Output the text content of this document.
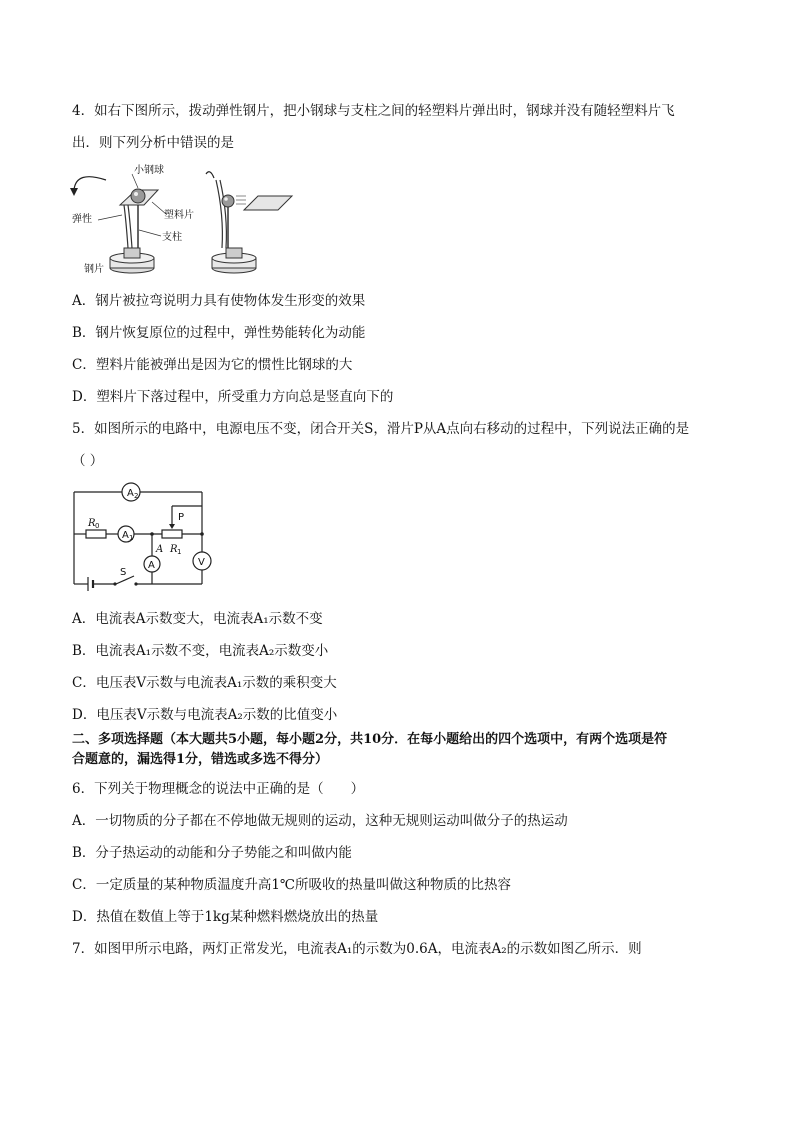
4．如右下图所示，拨动弹性钢片，把小钢球与支柱之间的轻塑料片弹出时，钢球并没有随轻塑料片飞
出．则下列分析中错误的是
小钢球
弹性	塑料片
支柱
钢片
A．钢片被拉弯说明力具有使物体发生形变的效果
B．钢片恢复原位的过程中，弹性势能转化为动能
C．塑料片能被弹出是因为它的惯性比钢球的大
D．塑料片下落过程中，所受重力方向总是竖直向下的
5．如图所示的电路中，电源电压不变，闭合开关S，滑片P从A点向右移动的过程中，下列说法正确的是
（ ）
A 2
R 0
A 1
P
A R 1
A	V
S
A．电流表A示数变大，电流表A₁示数不变
B．电流表A₁示数不变，电流表A₂示数变小
C．电压表V示数与电流表A₁示数的乘积变大
D．电压表V示数与电流表A₂示数的比值变小
二、多项选择题（本大题共5小题，每小题2分，共10分．在每小题给出的四个选项中，有两个选项是符
合题意的，漏选得1分，错选或多选不得分）
6．下列关于物理概念的说法中正确的是（　　）
A．一切物质的分子都在不停地做无规则的运动，这种无规则运动叫做分子的热运动
B．分子热运动的动能和分子势能之和叫做内能
C．一定质量的某种物质温度升高1℃所吸收的热量叫做这种物质的比热容
D．热值在数值上等于1kg某种燃料燃烧放出的热量
7．如图甲所示电路，两灯正常发光，电流表A₁的示数为0.6A，电流表A₂的示数如图乙所示．则
